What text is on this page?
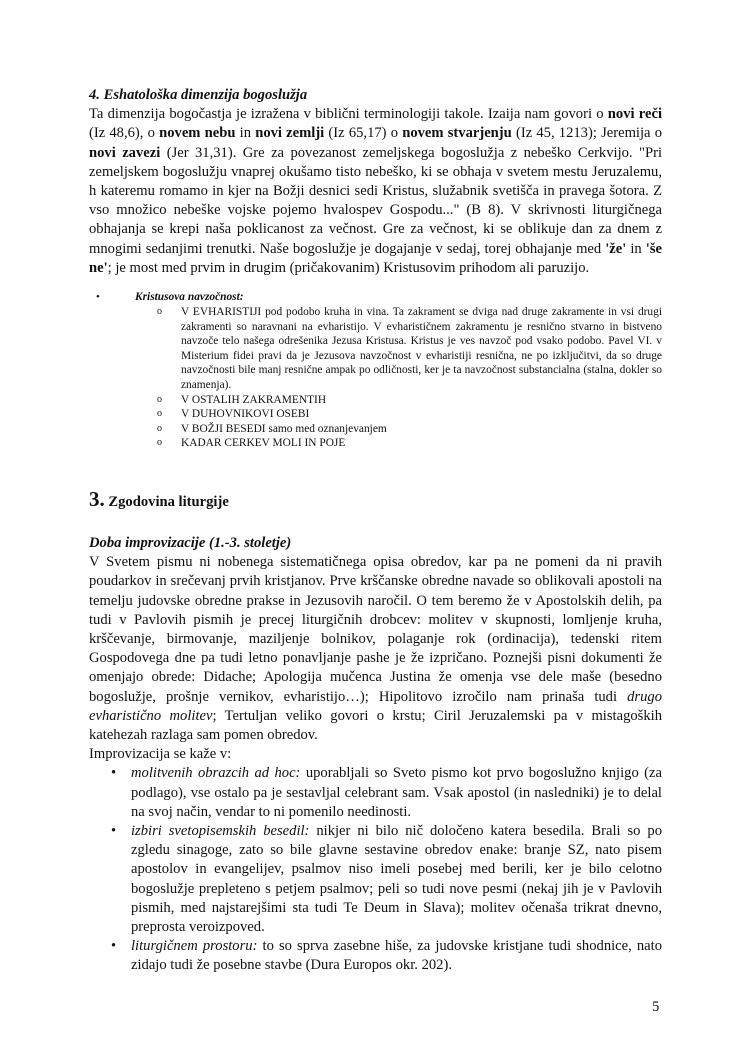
4. Eshatološka dimenzija bogoslužja

Ta dimenzija bogočastja je izražena v biblični terminologiji takole. Izaija nam govori o novi reči (Iz 48,6), o novem nebu in novi zemlji (Iz 65,17) o novem stvarjenju (Iz 45, 1213); Jeremija o novi zavezi (Jer 31,31). Gre za povezanost zemeljskega bogoslužja z nebeško Cerkvijo. "Pri zemeljskem bogoslužju vnaprej okušamo tisto nebeško, ki se obhaja v svetem mestu Jeruzalemu, h kateremu romamo in kjer na Božji desnici sedi Kristus, služabnik svetišča in pravega šotora. Z vso množico nebeške vojske pojemo hvalospev Gospodu..." (B 8). V skrivnosti liturgičnega obhajanja se krepi naša poklicanost za večnost. Gre za večnost, ki se oblikuje dan za dnem z mnogimi sedanjimi trenutki. Naše bogoslužje je dogajanje v sedaj, torej obhajanje med 'že' in 'še ne'; je most med prvim in drugim (pričakovanim) Kristusovim prihodom ali paruzijo.

•	Kristusova navzočnost:
o V EVHARISTIJI pod podobo kruha in vina. Ta zakrament se dviga nad druge zakramente in vsi drugi zakramenti so naravnani na evharistijo. V evharističnem zakramentu je resnično stvarno in bistveno navzoče telo našega odrešenika Jezusa Kristusa. Kristus je ves navzoč pod vsako podobo. Pavel VI. v Misterium fidei pravi da je Jezusova navzočnost v evharistiji resnična, ne po izključitvi, da so druge navzočnosti bile manj resnične ampak po odličnosti, ker je ta navzočnost substancialna (stalna, dokler so znamenja).
o V OSTALIH ZAKRAMENTIH
o V DUHOVNIKOVI OSEBI
o V BOŽJI BESEDI samo med oznanjevanjem
o KADAR CERKEV MOLI IN POJE
3. Zgodovina liturgije

Doba improvizacije (1.-3. stoletje)

V Svetem pismu ni nobenega sistematičnega opisa obredov, kar pa ne pomeni da ni pravih poudarkov in srečevanj prvih kristjanov. Prve krščanske obredne navade so oblikovali apostoli na temelju judovske obredne prakse in Jezusovih naročil. O tem beremo že v Apostolskih delih, pa tudi v Pavlovih pismih je precej liturgičnih drobcev: molitev v skupnosti, lomljenje kruha, krščevanje, birmovanje, maziljenje bolnikov, polaganje rok (ordinacija), tedenski ritem Gospodovega dne pa tudi letno ponavljanje pashe je že izpričano. Poznejši pisni dokumenti že omenjajo obrede: Didache; Apologija mučenca Justina že omenja vse dele maše (besedno bogoslužje, prošnje vernikov, evharistijo…); Hipolitovo izročilo nam prinaša tudi drugo evharistično molitev; Tertuljan veliko govori o krstu; Ciril Jeruzalemski pa v mistagoških katehezah razlaga sam pomen obredov.

Improvizacija se kaže v:

• molitvenih obrazcih ad hoc: uporabljali so Sveto pismo kot prvo bogoslužno knjigo (za podlago), vse ostalo pa je sestavljal celebrant sam. Vsak apostol (in nasledniki) je to delal na svoj način, vendar to ni pomenilo needinosti.
• izbiri svetopisemskih besedil: nikjer ni bilo nič določeno katera besedila. Brali so po zgledu sinagoge, zato so bile glavne sestavine obredov enake: branje SZ, nato pisem apostolov in evangelijev, psalmov niso imeli posebej med berili, ker je bilo celotno bogoslužje prepleteno s petjem psalmov; peli so tudi nove pesmi (nekaj jih je v Pavlovih pismih, med najstarejšimi sta tudi Te Deum in Slava); molitev očenaša trikrat dnevno, preprosta veroizpoved.
• liturgičnem prostoru: to so sprva zasebne hiše, za judovske kristjane tudi shodnice, nato zidajo tudi že posebne stavbe (Dura Europos okr. 202).
5
